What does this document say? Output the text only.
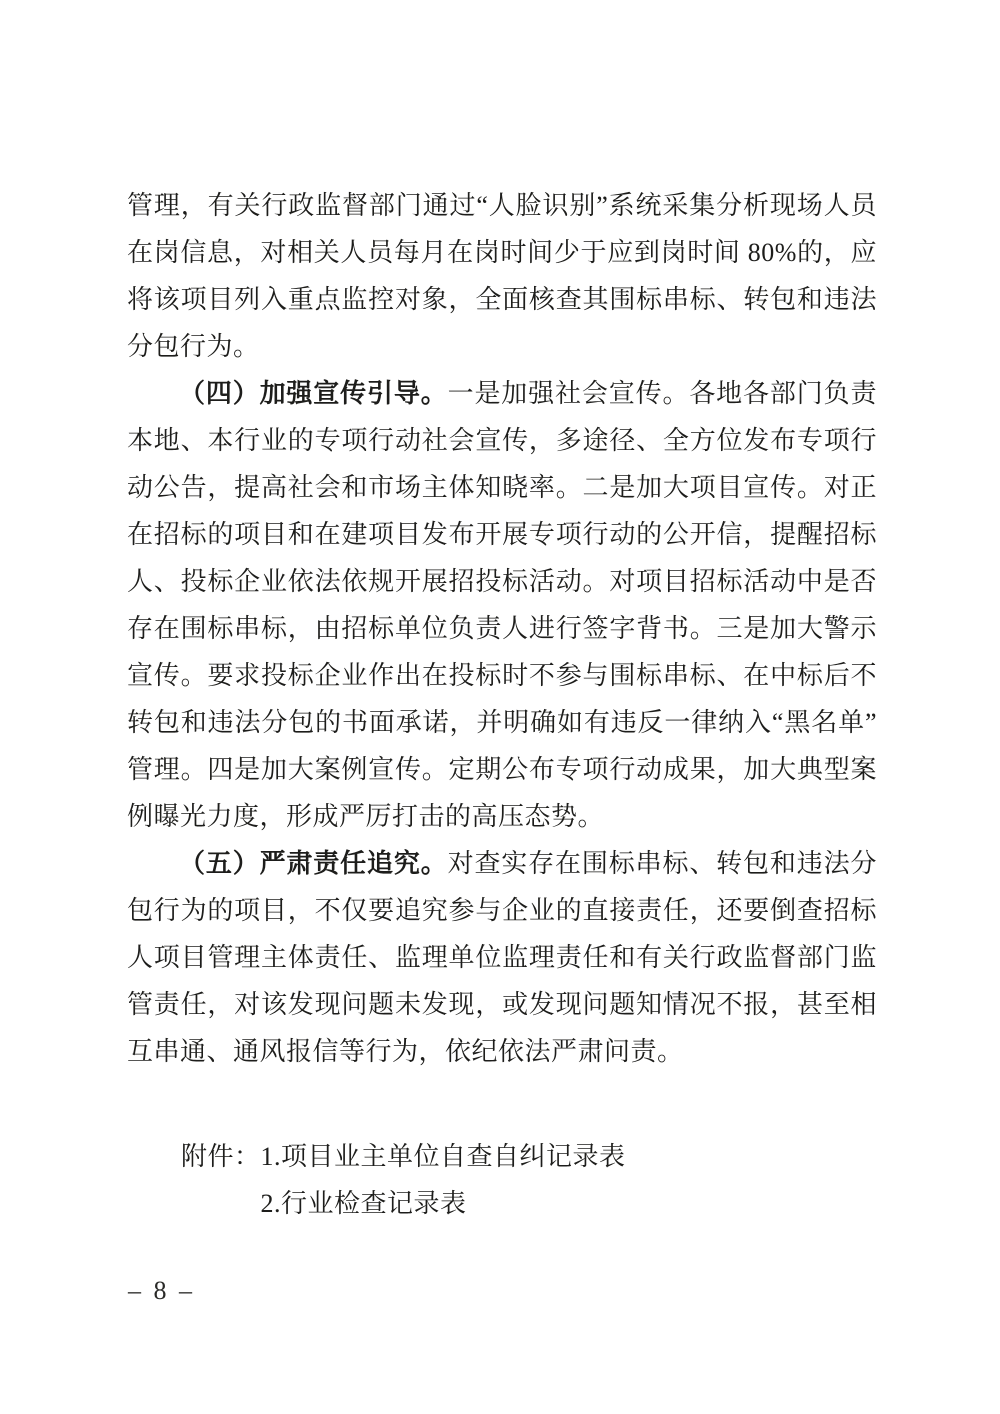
管理，有关行政监督部门通过“人脸识别”系统采集分析现场人员在岗信息，对相关人员每月在岗时间少于应到岗时间 80%的，应将该项目列入重点监控对象，全面核查其围标串标、转包和违法分包行为。

（四）加强宣传引导。一是加强社会宣传。各地各部门负责本地、本行业的专项行动社会宣传，多途径、全方位发布专项行动公告，提高社会和市场主体知晓率。二是加大项目宣传。对正在招标的项目和在建项目发布开展专项行动的公开信，提醒招标人、投标企业依法依规开展招投标活动。对项目招标活动中是否存在围标串标，由招标单位负责人进行签字背书。三是加大警示宣传。要求投标企业作出在投标时不参与围标串标、在中标后不转包和违法分包的书面承诺，并明确如有违反一律纳入“黑名单”管理。四是加大案例宣传。定期公布专项行动成果，加大典型案例曝光力度，形成严厉打击的高压态势。

（五）严肃责任追究。对查实存在围标串标、转包和违法分包行为的项目，不仅要追究参与企业的直接责任，还要倒查招标人项目管理主体责任、监理单位监理责任和有关行政监督部门监管责任，对该发现问题未发现，或发现问题知情况不报，甚至相互串通、通风报信等行为，依纪依法严肃问责。

附件： 1.项目业主单位自查自纠记录表
2.行业检查记录表
– 8 –
